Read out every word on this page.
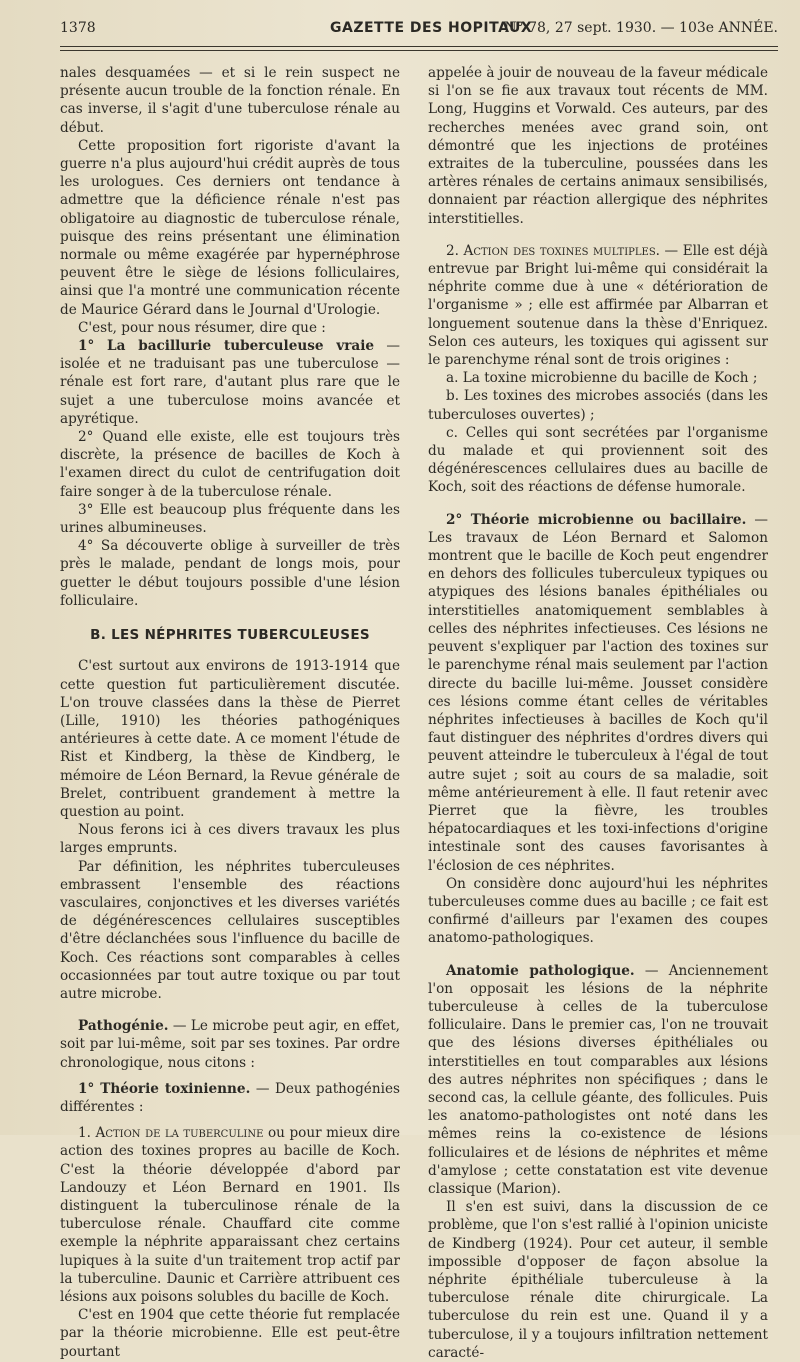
1378	GAZETTE DES HOPITAUX
N° 78, 27 sept. 1930. — 103e ANNÉE.

nales desquamées — et si le rein suspect ne présente aucun trouble de la fonction rénale. En cas inverse, il s'agit d'une tuberculose rénale au début.

Cette proposition fort rigoriste d'avant la guerre n'a plus aujourd'hui crédit auprès de tous les urologues. Ces derniers ont tendance à admettre que la déficience rénale n'est pas obligatoire au diagnostic de tuberculose rénale, puisque des reins présentant une élimination normale ou même exagérée par hypernéphrose peuvent être le siège de lésions folliculaires, ainsi que l'a montré une communication récente de Maurice Gérard dans le Journal d'Urologie.

C'est, pour nous résumer, dire que :

1° La bacillurie tuberculeuse vraie — isolée et ne traduisant pas une tuberculose — rénale est fort rare, d'autant plus rare que le sujet a une tuberculose moins avancée et apyrétique.

2° Quand elle existe, elle est toujours très discrète, la présence de bacilles de Koch à l'examen direct du culot de centrifugation doit faire songer à de la tuberculose rénale.

3° Elle est beaucoup plus fréquente dans les urines albumineuses.

4° Sa découverte oblige à surveiller de très près le malade, pendant de longs mois, pour guetter le début toujours possible d'une lésion folliculaire.

B. LES NÉPHRITES TUBERCULEUSES

C'est surtout aux environs de 1913-1914 que cette question fut particulièrement discutée. L'on trouve classées dans la thèse de Pierret (Lille, 1910) les théories pathogéniques antérieures à cette date. A ce moment l'étude de Rist et Kindberg, la thèse de Kindberg, le mémoire de Léon Bernard, la Revue générale de Brelet, contribuent grandement à mettre la question au point.

Nous ferons ici à ces divers travaux les plus larges emprunts.

Par définition, les néphrites tuberculeuses embrassent l'ensemble des réactions vasculaires, conjonctives et les diverses variétés de dégénérescences cellulaires susceptibles d'être déclanchées sous l'influence du bacille de Koch. Ces réactions sont comparables à celles occasionnées par tout autre toxique ou par tout autre microbe.

Pathogénie. — Le microbe peut agir, en effet, soit par lui-même, soit par ses toxines. Par ordre chronologique, nous citons :

1° Théorie toxinienne. — Deux pathogénies différentes :

1. Action de la tuberculine ou pour mieux dire action des toxines propres au bacille de Koch. C'est la théorie développée d'abord par Landouzy et Léon Bernard en 1901. Ils distinguent la tuberculinose rénale de la tuberculose rénale. Chauffard cite comme exemple la néphrite apparaissant chez certains lupiques à la suite d'un traitement trop actif par la tuberculine. Daunic et Carrière attribuent ces lésions aux poisons solubles du bacille de Koch.

C'est en 1904 que cette théorie fut remplacée par la théorie microbienne. Elle est peut-être pourtant

appelée à jouir de nouveau de la faveur médicale si l'on se fie aux travaux tout récents de MM. Long, Huggins et Vorwald. Ces auteurs, par des recherches menées avec grand soin, ont démontré que les injections de protéines extraites de la tuberculine, poussées dans les artères rénales de certains animaux sensibilisés, donnaient par réaction allergique des néphrites interstitielles.

2. Action des toxines multiples. — Elle est déjà entrevue par Bright lui-même qui considérait la néphrite comme due à une « détérioration de l'organisme » ; elle est affirmée par Albarran et longuement soutenue dans la thèse d'Enriquez. Selon ces auteurs, les toxiques qui agissent sur le parenchyme rénal sont de trois origines :

a. La toxine microbienne du bacille de Koch ;

b. Les toxines des microbes associés (dans les tuberculoses ouvertes) ;

c. Celles qui sont secrétées par l'organisme du malade et qui proviennent soit des dégénérescences cellulaires dues au bacille de Koch, soit des réactions de défense humorale.

2° Théorie microbienne ou bacillaire. — Les travaux de Léon Bernard et Salomon montrent que le bacille de Koch peut engendrer en dehors des follicules tuberculeux typiques ou atypiques des lésions banales épithéliales ou interstitielles anatomiquement semblables à celles des néphrites infectieuses. Ces lésions ne peuvent s'expliquer par l'action des toxines sur le parenchyme rénal mais seulement par l'action directe du bacille lui-même. Jousset considère ces lésions comme étant celles de véritables néphrites infectieuses à bacilles de Koch qu'il faut distinguer des néphrites d'ordres divers qui peuvent atteindre le tuberculeux à l'égal de tout autre sujet ; soit au cours de sa maladie, soit même antérieurement à elle. Il faut retenir avec Pierret que la fièvre, les troubles hépatocardiaques et les toxi-infections d'origine intestinale sont des causes favorisantes à l'éclosion de ces néphrites.

On considère donc aujourd'hui les néphrites tuberculeuses comme dues au bacille ; ce fait est confirmé d'ailleurs par l'examen des coupes anatomo-pathologiques.

Anatomie pathologique. — Anciennement l'on opposait les lésions de la néphrite tuberculeuse à celles de la tuberculose folliculaire. Dans le premier cas, l'on ne trouvait que des lésions diverses épithéliales ou interstitielles en tout comparables aux lésions des autres néphrites non spécifiques ; dans le second cas, la cellule géante, des follicules. Puis les anatomo-pathologistes ont noté dans les mêmes reins la co-existence de lésions folliculaires et de lésions de néphrites et même d'amylose ; cette constatation est vite devenue classique (Marion).

Il s'en est suivi, dans la discussion de ce problème, que l'on s'est rallié à l'opinion uniciste de Kindberg (1924). Pour cet auteur, il semble impossible d'opposer de façon absolue la néphrite épithéliale tuberculeuse à la tuberculose rénale dite chirurgicale. La tuberculose du rein est une. Quand il y a tuberculose, il y a toujours infiltration nettement caracté-
